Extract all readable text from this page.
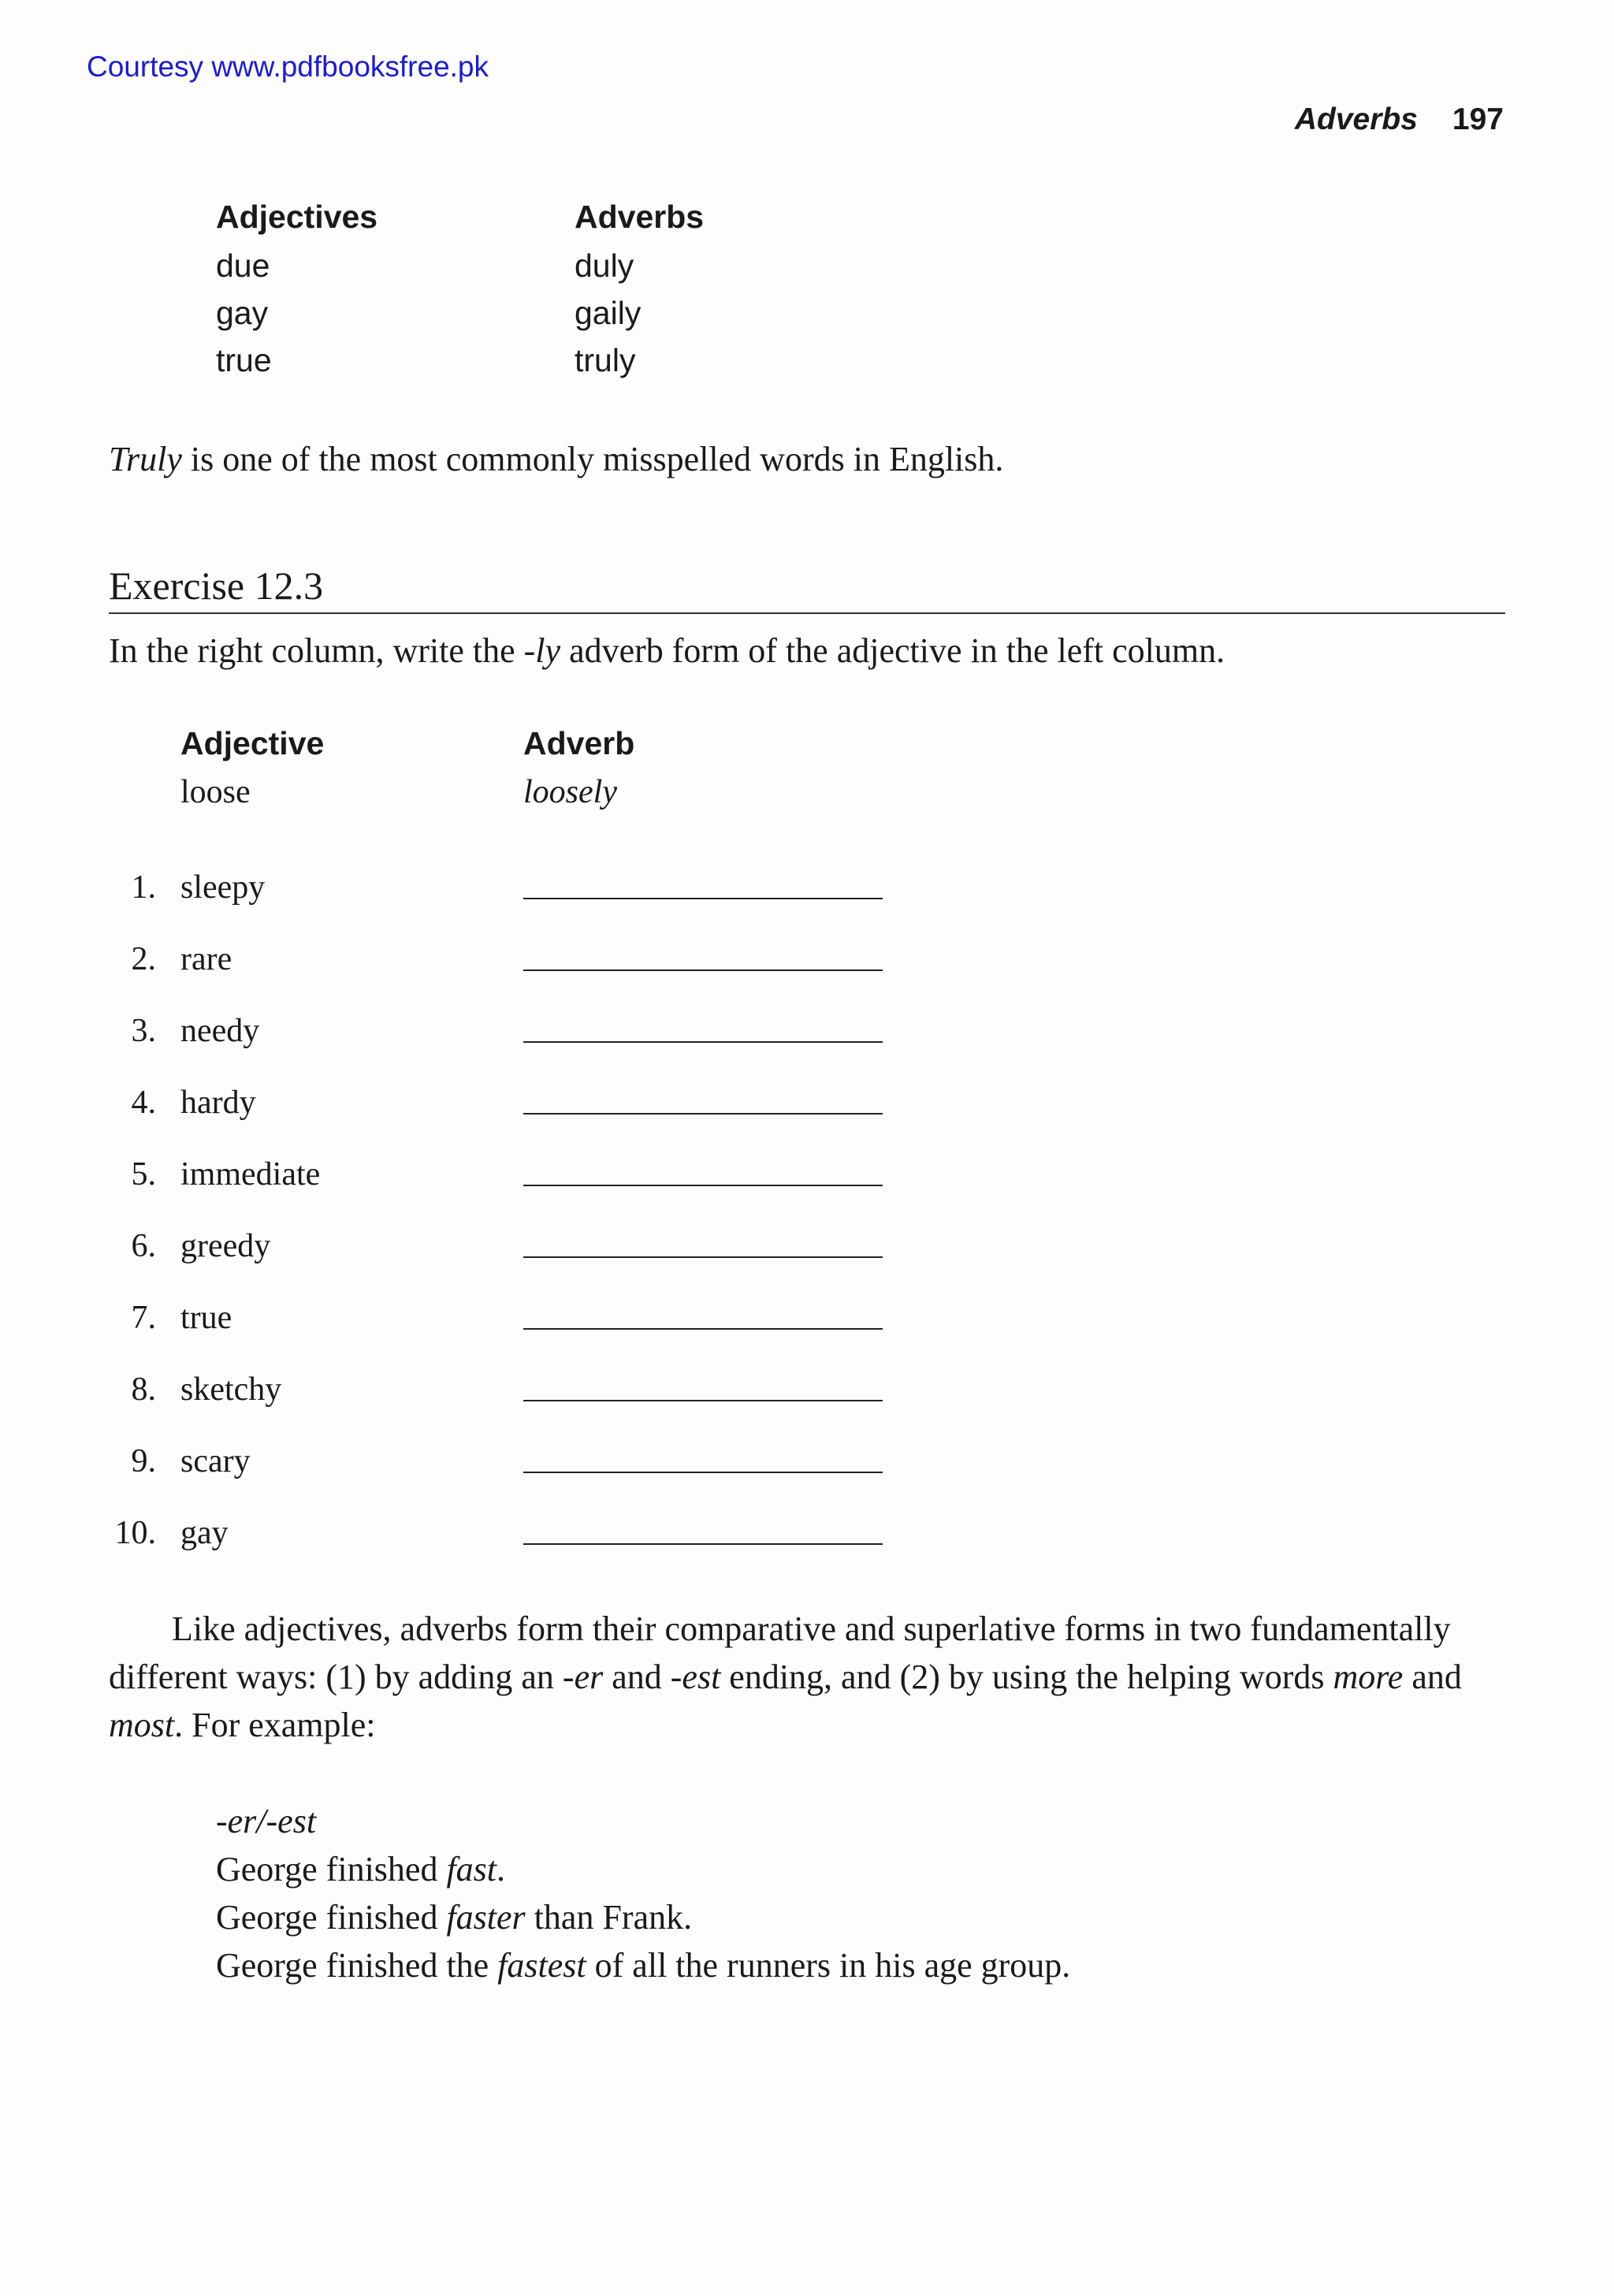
Courtesy www.pdfbooksfree.pk
Adverbs 197
Adjectives	Adverbs
due	duly
gay	gaily
true	truly
Truly is one of the most commonly misspelled words in English.
Exercise 12.3
In the right column, write the -ly adverb form of the adjective in the left column.
Adjective	Adverb
loose	loosely
1. sleepy
2. rare
3. needy
4. hardy
5. immediate
6. greedy
7. true
8. sketchy
9. scary
10. gay
Like adjectives, adverbs form their comparative and superlative forms in two fundamentally
different ways: (1) by adding an -er and -est ending, and (2) by using the helping words more and
most. For example:
-er/-est
George finished fast.
George finished faster than Frank.
George finished the fastest of all the runners in his age group.
